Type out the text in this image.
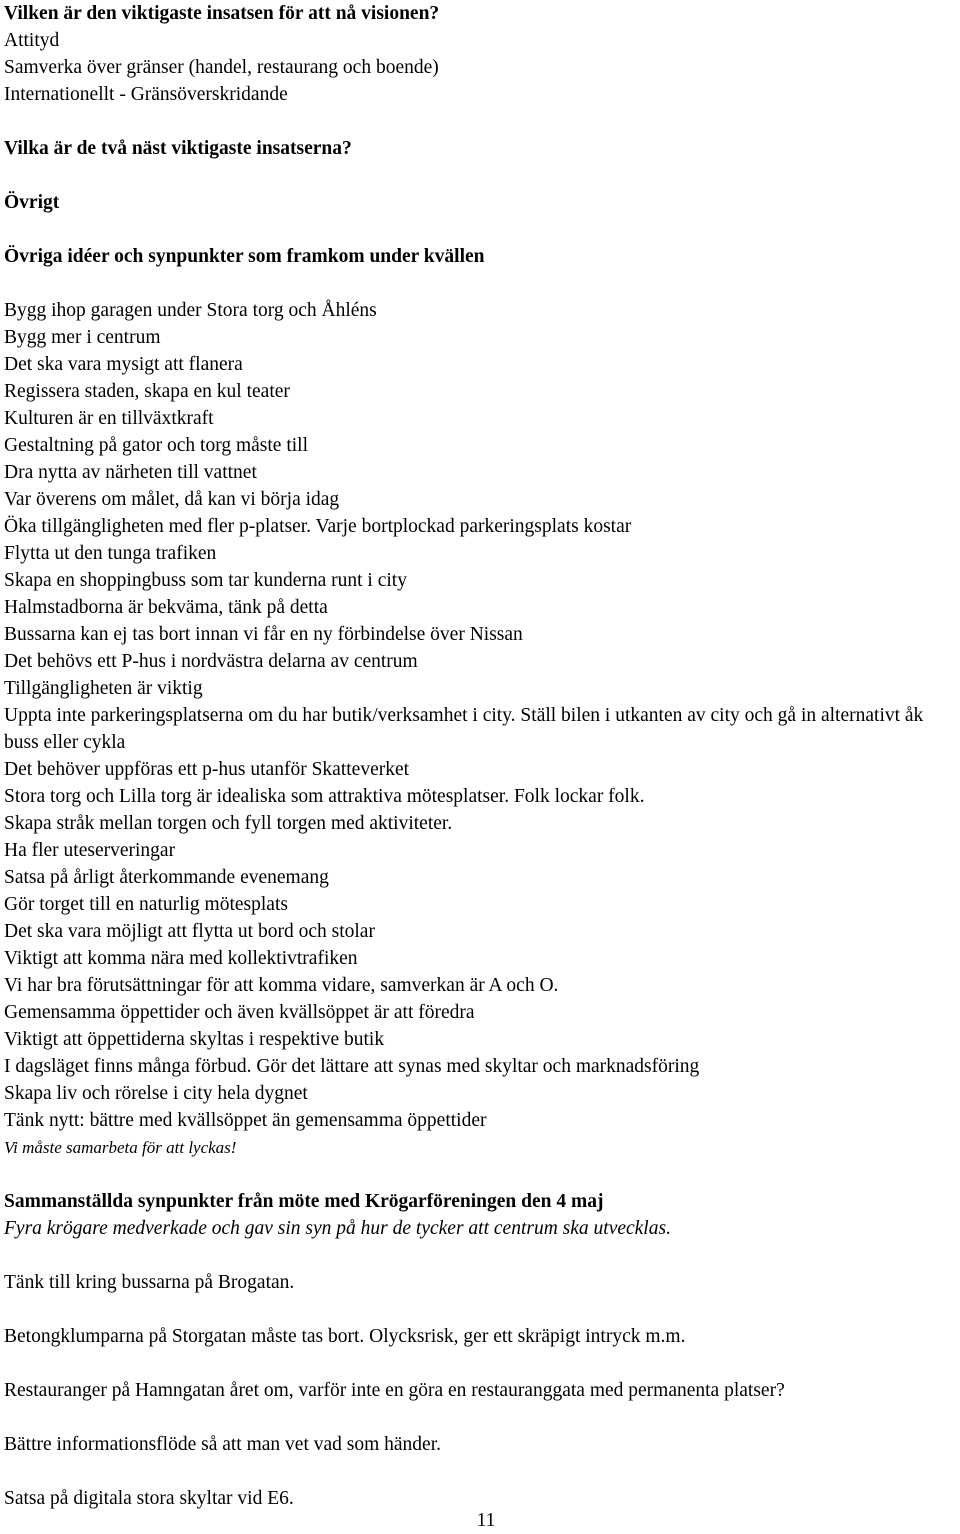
Vilken är den viktigaste insatsen för att nå visionen?

Attityd

Samverka över gränser (handel, restaurang och boende)

Internationellt - Gränsöverskridande

Vilka är de två näst viktigaste insatserna?

Övrigt

Övriga idéer och synpunkter som framkom under kvällen

Bygg ihop garagen under Stora torg och Åhléns

Bygg mer i centrum

Det ska vara mysigt att flanera

Regissera staden, skapa en kul teater

Kulturen är en tillväxtkraft

Gestaltning på gator och torg måste till

Dra nytta av närheten till vattnet

Var överens om målet, då kan vi börja idag

Öka tillgängligheten med fler p-platser. Varje bortplockad parkeringsplats kostar

Flytta ut den tunga trafiken

Skapa en shoppingbuss som tar kunderna runt i city

Halmstadborna är bekväma, tänk på detta

Bussarna kan ej tas bort innan vi får en ny förbindelse över Nissan

Det behövs ett P-hus i nordvästra delarna av centrum

Tillgängligheten är viktig

Uppta inte parkeringsplatserna om du har butik/verksamhet i city. Ställ bilen i utkanten av city och gå in alternativt åk buss eller cykla

Det behöver uppföras ett p-hus utanför Skatteverket

Stora torg och Lilla torg är idealiska som attraktiva mötesplatser. Folk lockar folk.

Skapa stråk mellan torgen och fyll torgen med aktiviteter.

Ha fler uteserveringar

Satsa på årligt återkommande evenemang

Gör torget till en naturlig mötesplats

Det ska vara möjligt att flytta ut bord och stolar

Viktigt att komma nära med kollektivtrafiken

Vi har bra förutsättningar för att komma vidare, samverkan är A och O.

Gemensamma öppettider och även kvällsöppet är att föredra

Viktigt att öppettiderna skyltas i respektive butik

I dagsläget finns många förbud. Gör det lättare att synas med skyltar och marknadsföring

Skapa liv och rörelse i city hela dygnet

Tänk nytt: bättre med kvällsöppet än gemensamma öppettider

Vi måste samarbeta för att lyckas!

Sammanställda synpunkter från möte med Krögarföreningen den 4 maj

Fyra krögare medverkade och gav sin syn på hur de tycker att centrum ska utvecklas.

Tänk till kring bussarna på Brogatan.

Betongklumparna på Storgatan måste tas bort. Olycksrisk, ger ett skräpigt intryck m.m.

Restauranger på Hamngatan året om, varför inte en göra en restauranggata med permanenta platser?

Bättre informationsflöde så att man vet vad som händer.

Satsa på digitala stora skyltar vid E6.

11
